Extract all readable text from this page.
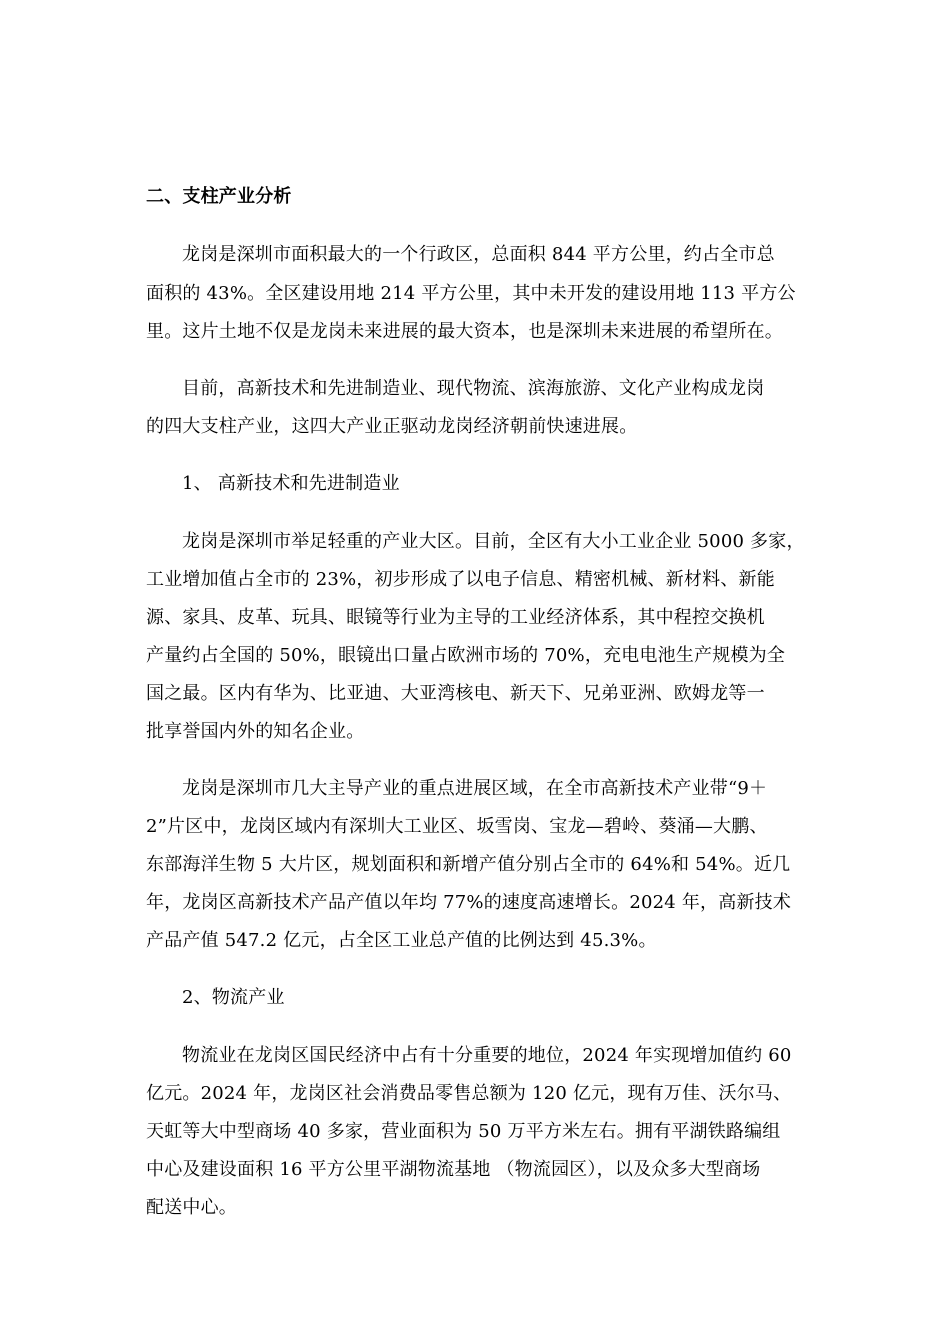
二、支柱产业分析
龙岗是深圳市面积最大的一个行政区，总面积 844 平方公里，约占全市总
面积的 43%。全区建设用地 214 平方公里，其中未开发的建设用地 113 平方公
里。这片土地不仅是龙岗未来进展的最大资本，也是深圳未来进展的希望所在。
目前，高新技术和先进制造业、现代物流、滨海旅游、文化产业构成龙岗
的四大支柱产业，这四大产业正驱动龙岗经济朝前快速进展。
1、 高新技术和先进制造业
龙岗是深圳市举足轻重的产业大区。目前，全区有大小工业企业 5000 多家，
工业增加值占全市的 23%，初步形成了以电子信息、精密机械、新材料、新能
源、家具、皮革、玩具、眼镜等行业为主导的工业经济体系，其中程控交换机
产量约占全国的 50%，眼镜出口量占欧洲市场的 70%，充电电池生产规模为全
国之最。区内有华为、比亚迪、大亚湾核电、新天下、兄弟亚洲、欧姆龙等一
批享誉国内外的知名企业。
龙岗是深圳市几大主导产业的重点进展区域，在全市高新技术产业带“9＋
2”片区中，龙岗区域内有深圳大工业区、坂雪岗、宝龙—碧岭、葵涌—大鹏、
东部海洋生物 5 大片区，规划面积和新增产值分别占全市的 64%和 54%。近几
年，龙岗区高新技术产品产值以年均 77%的速度高速增长。2024 年，高新技术
产品产值 547.2 亿元，占全区工业总产值的比例达到 45.3%。
2、物流产业
物流业在龙岗区国民经济中占有十分重要的地位，2024 年实现增加值约 60
亿元。2024 年，龙岗区社会消费品零售总额为 120 亿元，现有万佳、沃尔马、
天虹等大中型商场 40 多家，营业面积为 50 万平方米左右。拥有平湖铁路编组
中心及建设面积 16 平方公里平湖物流基地 （物流园区），以及众多大型商场
配送中心。
